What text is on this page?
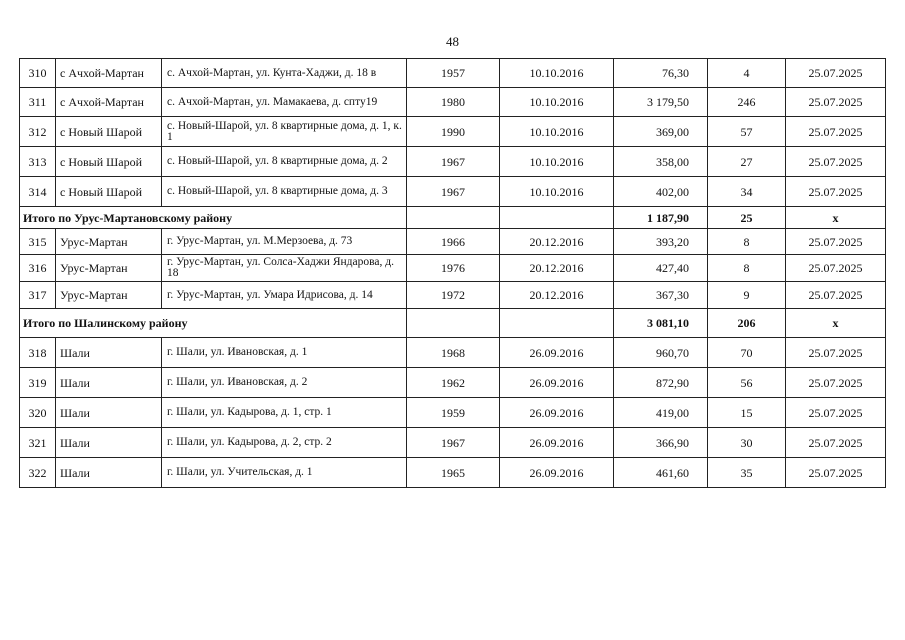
48
310	с Ачхой-Мартан	с. Ачхой-Мартан, ул. Кунта-Хаджи, д. 18 в	1957	10.10.2016	76,30	4	25.07.2025
311	с Ачхой-Мартан	с. Ачхой-Мартан, ул. Мамакаева, д. спту19	1980	10.10.2016	3 179,50	246	25.07.2025
312	с Новый Шарой	с. Новый-Шарой, ул. 8 квартирные дома, д. 1, к. 1	1990	10.10.2016	369,00	57	25.07.2025
313	с Новый Шарой	с. Новый-Шарой, ул. 8 квартирные дома, д. 2	1967	10.10.2016	358,00	27	25.07.2025
314	с Новый Шарой	с. Новый-Шарой, ул. 8 квартирные дома, д. 3	1967	10.10.2016	402,00	34	25.07.2025
Итого по Урус-Мартановскому району					1 187,90	25	х
315	Урус-Мартан	г. Урус-Мартан, ул. М.Мерзоева, д. 73	1966	20.12.2016	393,20	8	25.07.2025
316	Урус-Мартан	г. Урус-Мартан, ул. Солса-Хаджи Яндарова, д. 18	1976	20.12.2016	427,40	8	25.07.2025
317	Урус-Мартан	г. Урус-Мартан, ул. Умара Идрисова, д. 14	1972	20.12.2016	367,30	9	25.07.2025
Итого по Шалинскому району					3 081,10	206	х
318	Шали	г. Шали, ул. Ивановская, д. 1	1968	26.09.2016	960,70	70	25.07.2025
319	Шали	г. Шали, ул. Ивановская, д. 2	1962	26.09.2016	872,90	56	25.07.2025
320	Шали	г. Шали, ул. Кадырова, д. 1, стр. 1	1959	26.09.2016	419,00	15	25.07.2025
321	Шали	г. Шали, ул. Кадырова, д. 2, стр. 2	1967	26.09.2016	366,90	30	25.07.2025
322	Шали	г. Шали, ул. Учительская, д. 1	1965	26.09.2016	461,60	35	25.07.2025
